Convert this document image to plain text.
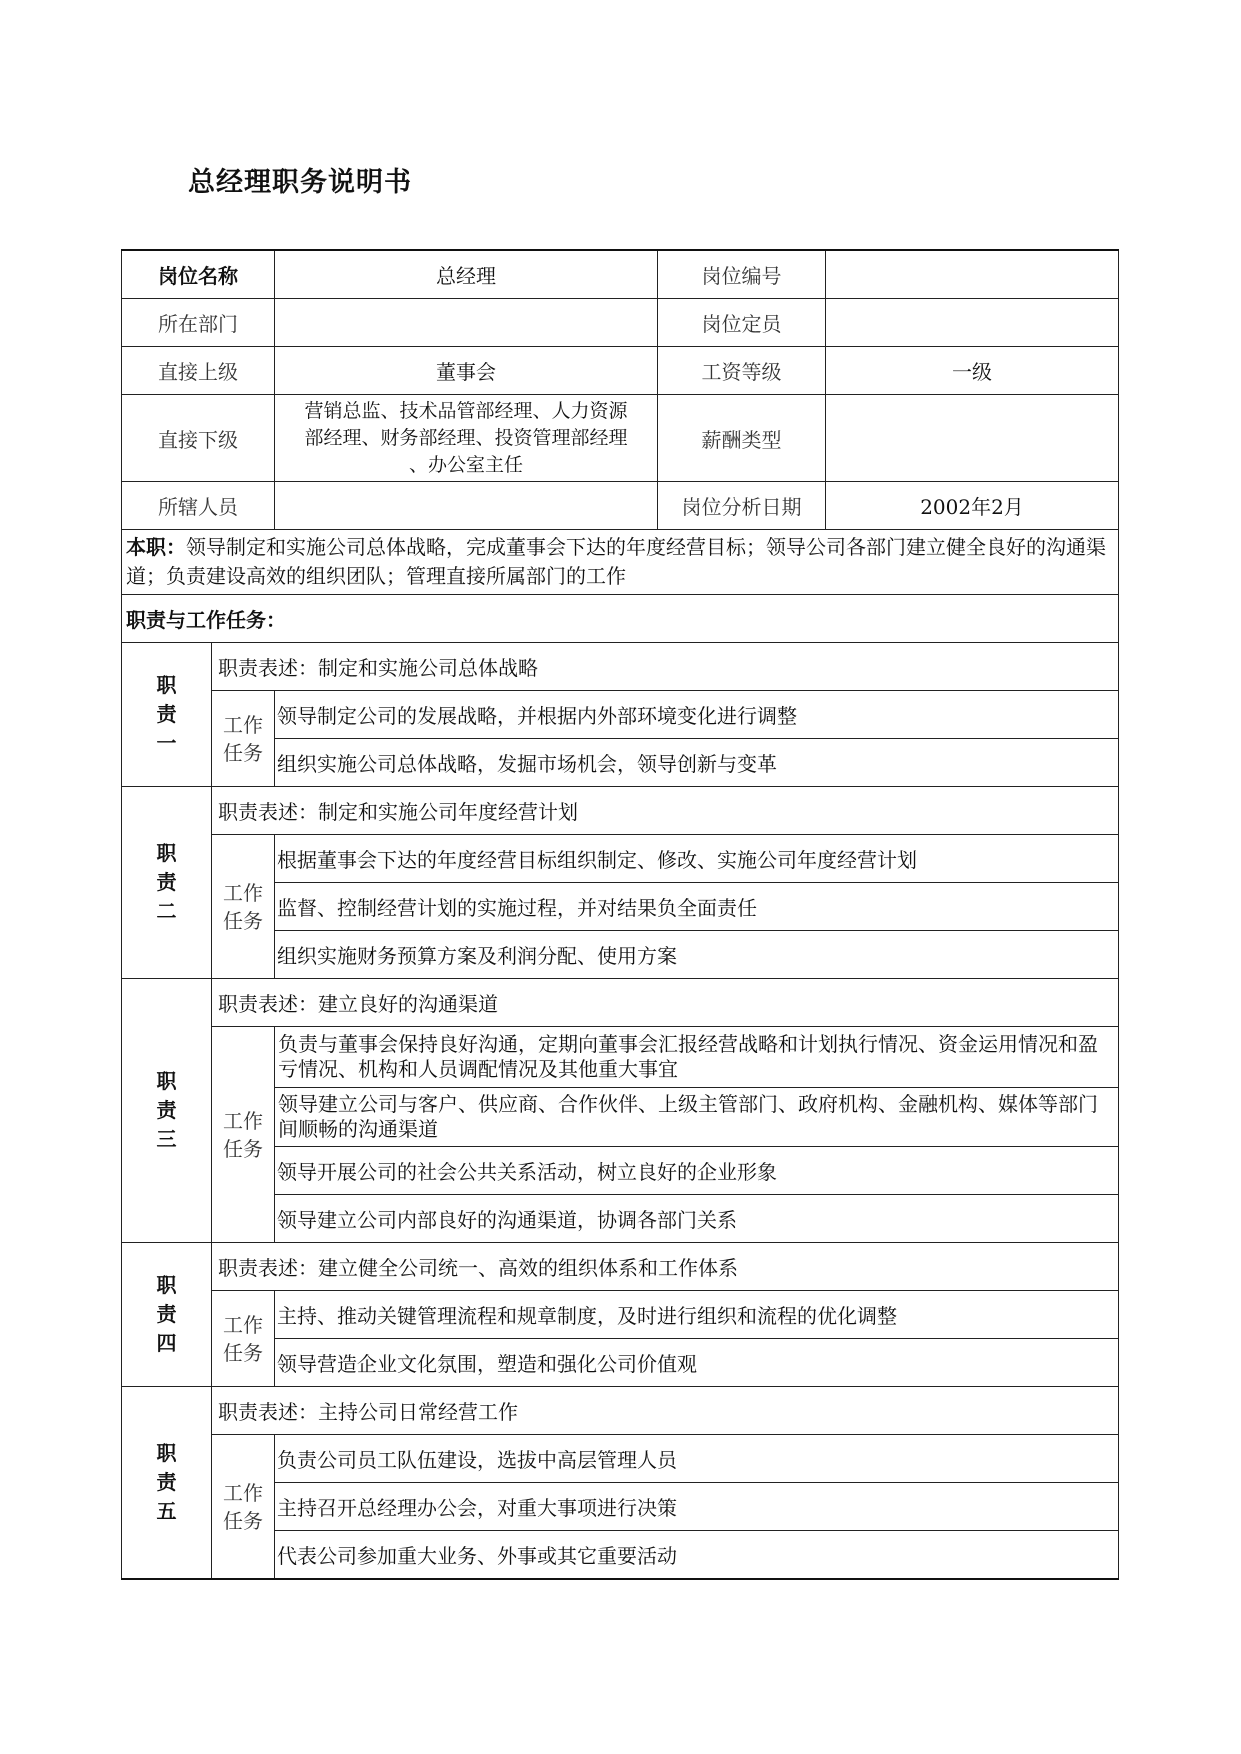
总经理职务说明书
岗位名称		总经理	岗位编号	
所在部门			岗位定员	
直接上级		董事会	工资等级	一级
直接下级		营销总监、技术品管部经理、人力资源
部经理、财务部经理、投资管理部经理
、办公室主任	薪酬类型	
所辖人员			岗位分析日期	2002年2月
本职：领导制定和实施公司总体战略，完成董事会下达的年度经营目标；领导公司各部门建立健全良好的沟通渠道；负责建设高效的组织团队；管理直接所属部门的工作				
职责与工作任务：				

职
责
一	职责表述：制定和实施公司总体战略			

	工作
任务	领导制定公司的发展战略，并根据内外部环境变化进行调整		
		组织实施公司总体战略，发掘市场机会，领导创新与变革		

职
责
二	职责表述：制定和实施公司年度经营计划			

	工作
任务	根据董事会下达的年度经营目标组织制定、修改、实施公司年度经营计划		
		监督、控制经营计划的实施过程，并对结果负全面责任		
		组织实施财务预算方案及利润分配、使用方案		

职
责
三	职责表述：建立良好的沟通渠道			

	工作
任务	负责与董事会保持良好沟通，定期向董事会汇报经营战略和计划执行情况、资金运用情况和盈亏情况、机构和人员调配情况及其他重大事宜		
		领导建立公司与客户、供应商、合作伙伴、上级主管部门、政府机构、金融机构、媒体等部门间顺畅的沟通渠道		
		领导开展公司的社会公共关系活动，树立良好的企业形象		
		领导建立公司内部良好的沟通渠道，协调各部门关系		

职
责
四	职责表述：建立健全公司统一、高效的组织体系和工作体系			

	工作
任务	主持、推动关键管理流程和规章制度，及时进行组织和流程的优化调整		
		领导营造企业文化氛围，塑造和强化公司价值观		

职
责
五	职责表述：主持公司日常经营工作			

	工作
任务	负责公司员工队伍建设，选拔中高层管理人员		
		主持召开总经理办公会，对重大事项进行决策		
		代表公司参加重大业务、外事或其它重要活动		
